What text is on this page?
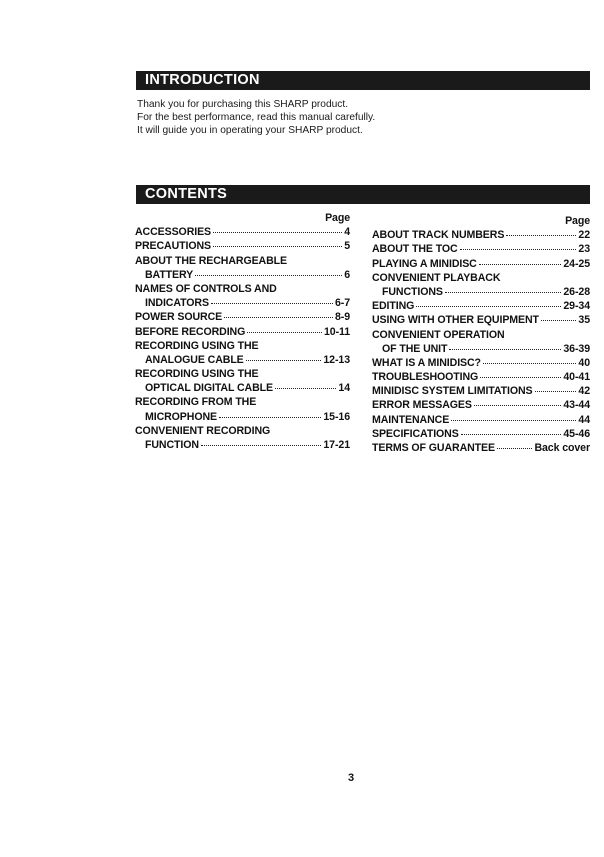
INTRODUCTION

Thank you for purchasing this SHARP product.

For the best performance, read this manual carefully.

It will guide you in operating your SHARP product.

CONTENTS
Page
ACCESSORIES	4
PRECAUTIONS	5
ABOUT THE RECHARGEABLE
BATTERY	6
NAMES OF CONTROLS AND
INDICATORS	6-7
POWER SOURCE	8-9
BEFORE RECORDING	10-11
RECORDING USING THE
ANALOGUE CABLE	12-13
RECORDING USING THE
OPTICAL DIGITAL CABLE	14
RECORDING FROM THE
MICROPHONE	15-16
CONVENIENT RECORDING
FUNCTION	17-21
Page
ABOUT TRACK NUMBERS	22
ABOUT THE TOC	23
PLAYING A MINIDISC	24-25
CONVENIENT PLAYBACK
FUNCTIONS	26-28
EDITING	29-34
USING WITH OTHER EQUIPMENT	35
CONVENIENT OPERATION
OF THE UNIT	36-39
WHAT IS A MINIDISC?	40
TROUBLESHOOTING	40-41
MINIDISC SYSTEM LIMITATIONS	42
ERROR MESSAGES	43-44
MAINTENANCE	44
SPECIFICATIONS	45-46
TERMS OF GUARANTEE	Back cover
3
